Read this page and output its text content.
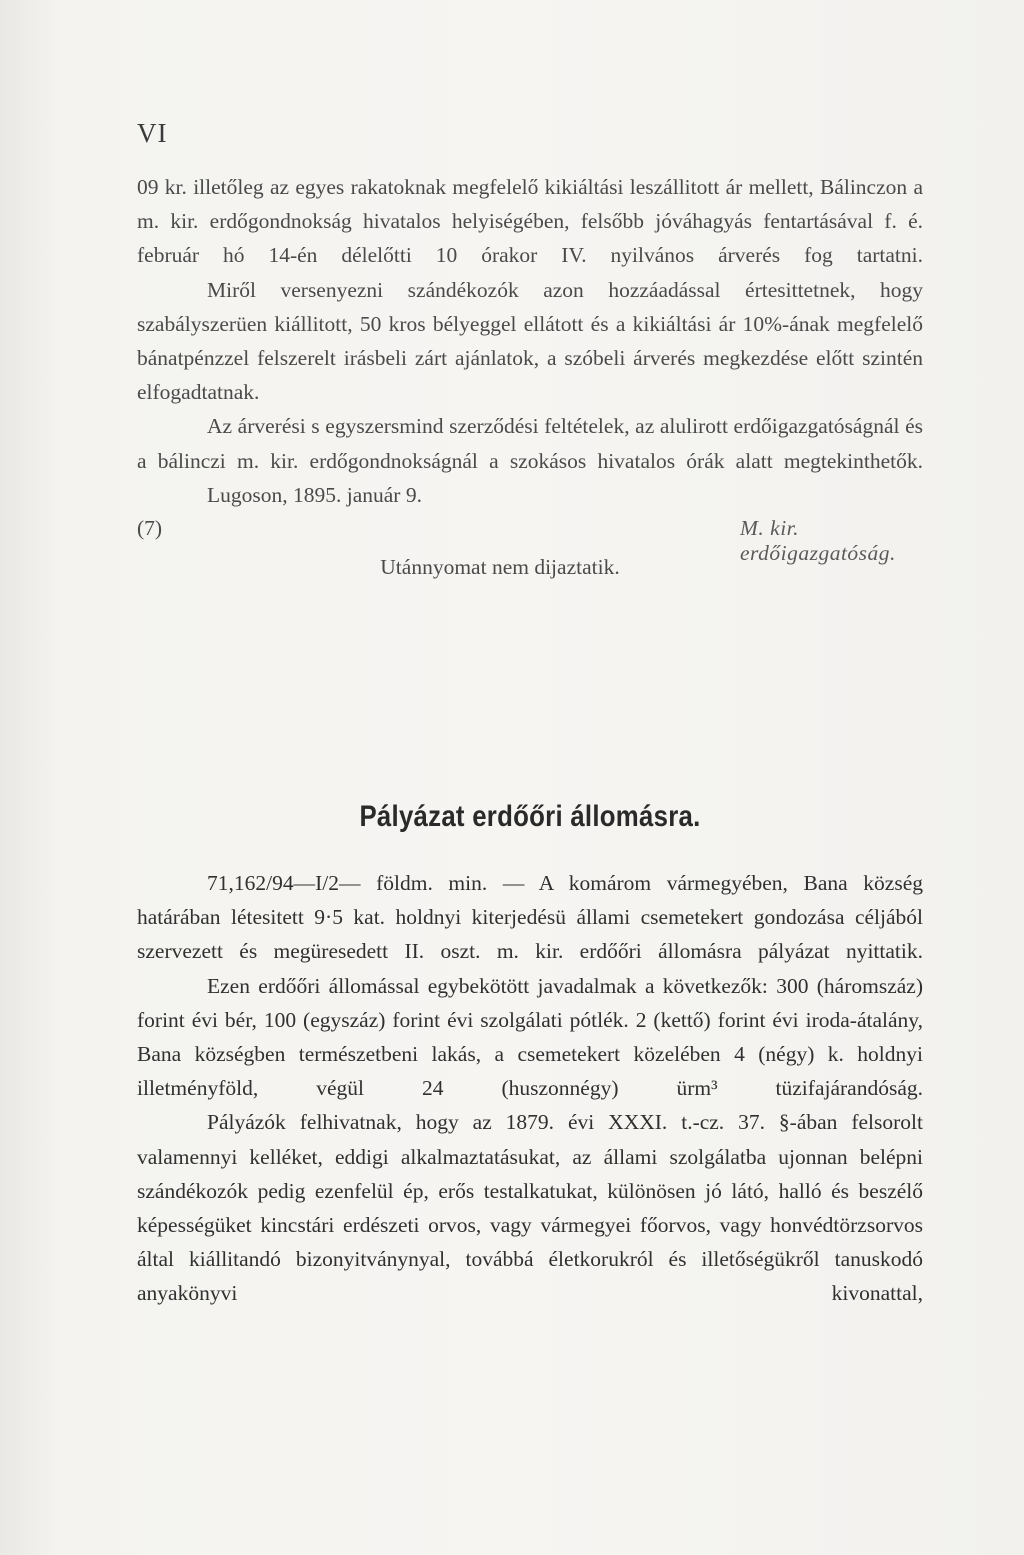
VI

09 kr. illetőleg az egyes rakatoknak megfelelő kikiáltási leszállitott ár mellett, Bálinczon a m. kir. erdőgondnokság hivatalos helyiségében, felsőbb jóváhagyás fentartásával f. é. február hó 14-én délelőtti 10 órakor IV. nyilvános árverés fog tartatni.

Miről versenyezni szándékozók azon hozzáadással értesittetnek, hogy szabályszerüen kiállitott, 50 kros bélyeggel ellátott és a kikiáltási ár 10%-ának megfelelő bánatpénzzel felszerelt irásbeli zárt ajánlatok, a szóbeli árverés megkezdése előtt szintén elfogadtatnak.

Az árverési s egyszersmind szerződési feltételek, az alulirott erdőigazgatóságnál és a bálinczi m. kir. erdőgondnokságnál a szokásos hivatalos órák alatt megtekinthetők.

Lugoson, 1895. január 9.

(7)	M. kir. erdőigazgatóság.

Utánnyomat nem dijaztatik.

Pályázat erdőőri állomásra.

71,162/94—I/2— földm. min. — A komárom vármegyében, Bana község határában létesitett 9·5 kat. holdnyi kiterjedésü állami csemetekert gondozása céljából szervezett és megüresedett II. oszt. m. kir. erdőőri állomásra pályázat nyittatik.

Ezen erdőőri állomással egybekötött javadalmak a következők: 300 (háromszáz) forint évi bér, 100 (egyszáz) forint évi szolgálati pótlék. 2 (kettő) forint évi iroda-átalány, Bana községben természetbeni lakás, a csemetekert közelében 4 (négy) k. holdnyi illetményföld, végül 24 (huszonnégy) ürm³ tüzifajárandóság.

Pályázók felhivatnak, hogy az 1879. évi XXXI. t.-cz. 37. §-ában felsorolt valamennyi kelléket, eddigi alkalmaztatásukat, az állami szolgálatba ujonnan belépni szándékozók pedig ezenfelül ép, erős testalkatukat, különösen jó látó, halló és beszélő képességüket kincstári erdészeti orvos, vagy vármegyei főorvos, vagy honvédtörzsorvos által kiállitandó bizonyitványnyal, továbbá életkorukról és illetőségükről tanuskodó anyakönyvi kivonattal,
